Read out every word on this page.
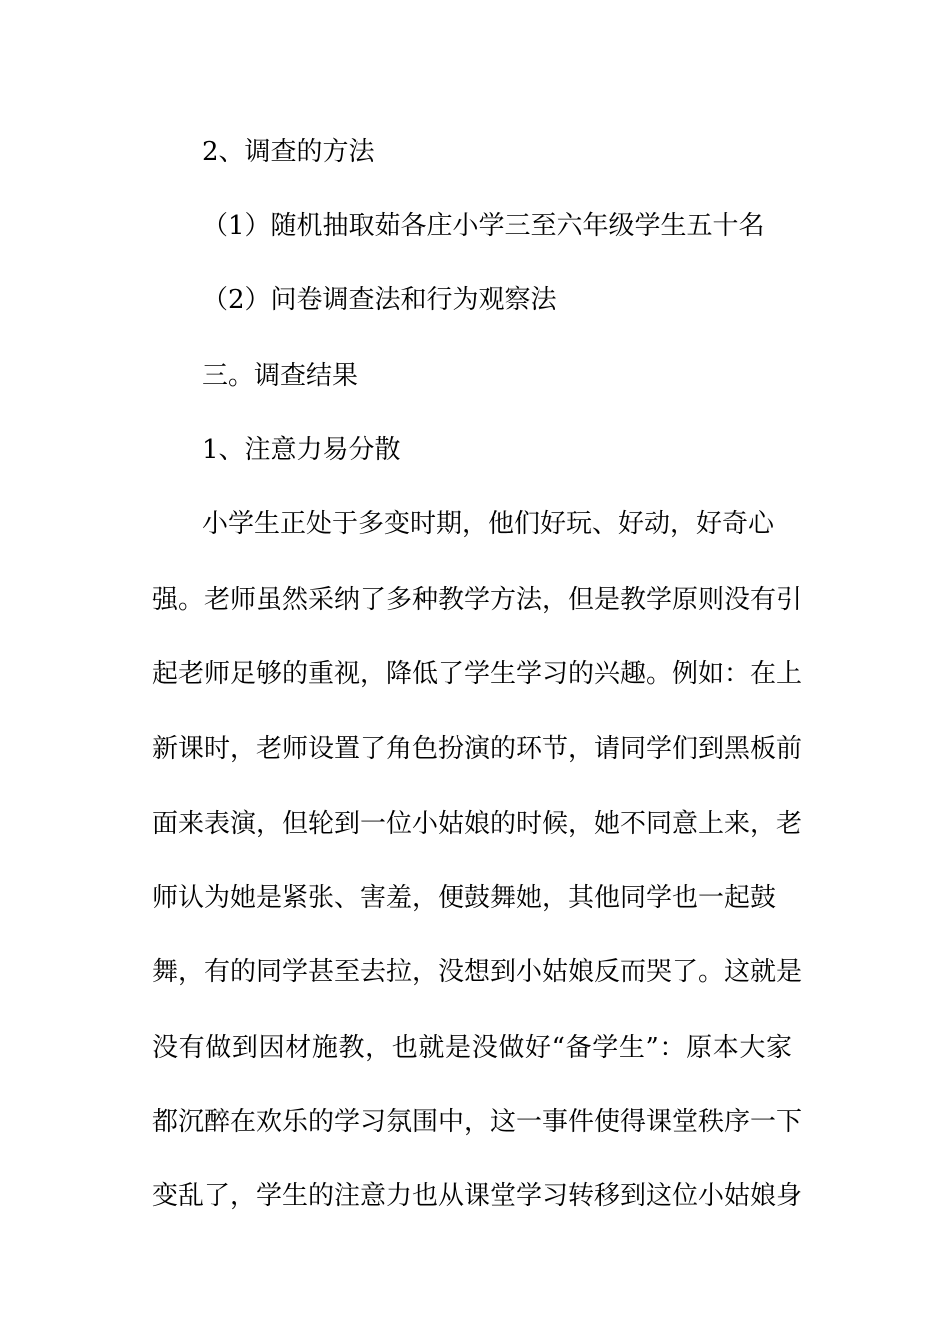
2、调查的方法
（1）随机抽取茹各庄小学三至六年级学生五十名
（2）问卷调查法和行为观察法
三。调查结果
1、注意力易分散
小学生正处于多变时期，他们好玩、好动，好奇心
强。老师虽然采纳了多种教学方法，但是教学原则没有引
起老师足够的重视，降低了学生学习的兴趣。例如：在上
新课时，老师设置了角色扮演的环节，请同学们到黑板前
面来表演，但轮到一位小姑娘的时候，她不同意上来，老
师认为她是紧张、害羞，便鼓舞她，其他同学也一起鼓
舞，有的同学甚至去拉，没想到小姑娘反而哭了。这就是
没有做到因材施教，也就是没做好“备学生”：原本大家
都沉醉在欢乐的学习氛围中，这一事件使得课堂秩序一下
变乱了，学生的注意力也从课堂学习转移到这位小姑娘身
